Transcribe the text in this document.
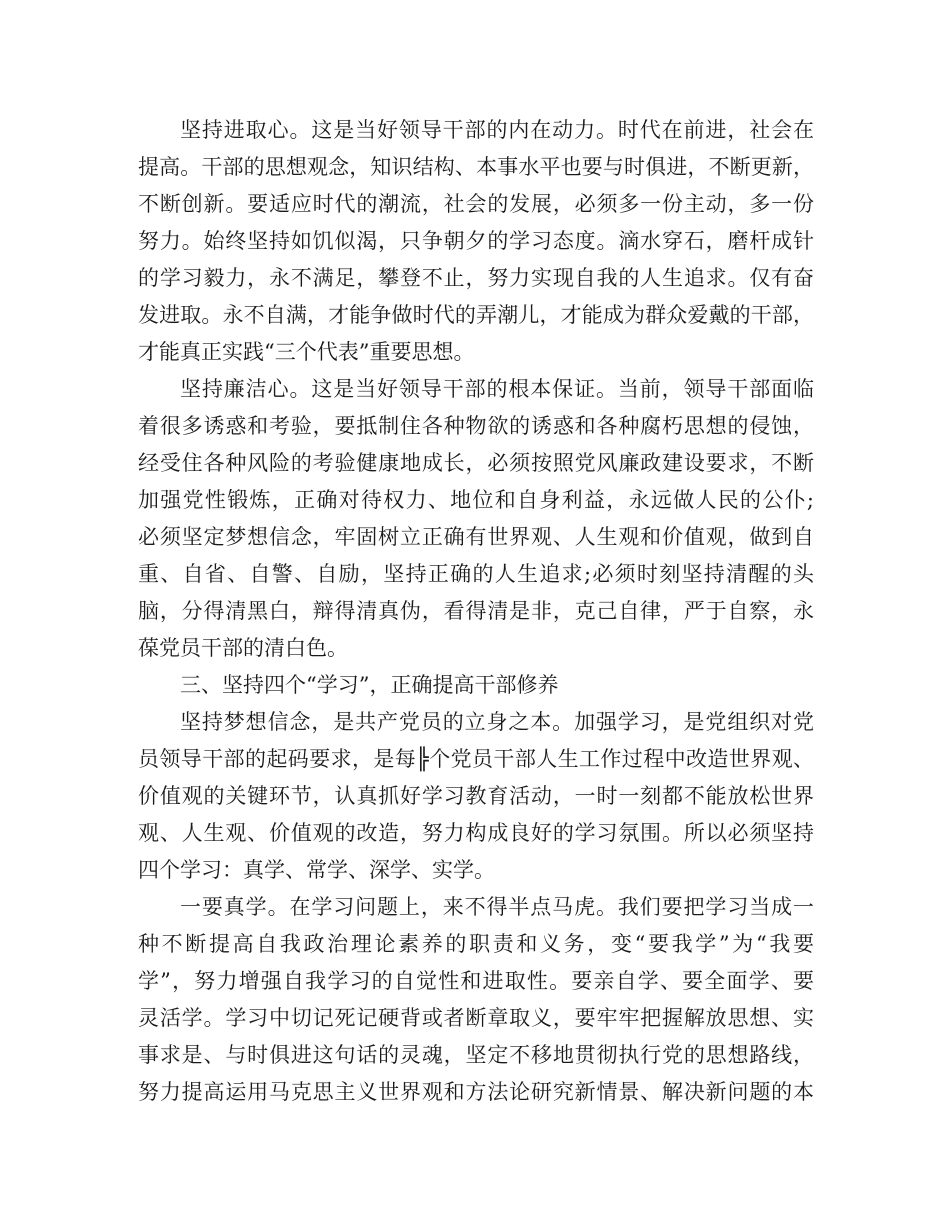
坚持进取心。这是当好领导干部的内在动力。时代在前进，社会在
提高。干部的思想观念，知识结构、本事水平也要与时俱进，不断更新，
不断创新。要适应时代的潮流，社会的发展，必须多一份主动，多一份
努力。始终坚持如饥似渴，只争朝夕的学习态度。滴水穿石，磨杆成针
的学习毅力，永不满足，攀登不止，努力实现自我的人生追求。仅有奋
发进取。永不自满，才能争做时代的弄潮儿，才能成为群众爱戴的干部，
才能真正实践“三个代表”重要思想。
坚持廉洁心。这是当好领导干部的根本保证。当前，领导干部面临
着很多诱惑和考验，要抵制住各种物欲的诱惑和各种腐朽思想的侵蚀，
经受住各种风险的考验健康地成长，必须按照党风廉政建设要求，不断
加强党性锻炼，正确对待权力、地位和自身利益，永远做人民的公仆;
必须坚定梦想信念，牢固树立正确有世界观、人生观和价值观，做到自
重、自省、自警、自励，坚持正确的人生追求;必须时刻坚持清醒的头
脑，分得清黑白，辩得清真伪，看得清是非，克己自律，严于自察，永
葆党员干部的清白色。
三、坚持四个“学习”，正确提高干部修养
坚持梦想信念，是共产党员的立身之本。加强学习，是党组织对党
员领导干部的起码要求，是每╠个党员干部人生工作过程中改造世界观、
价值观的关键环节，认真抓好学习教育活动，一时一刻都不能放松世界
观、人生观、价值观的改造，努力构成良好的学习氛围。所以必须坚持
四个学习：真学、常学、深学、实学。
一要真学。在学习问题上，来不得半点马虎。我们要把学习当成一
种不断提高自我政治理论素养的职责和义务，变“要我学”为“我要
学”，努力增强自我学习的自觉性和进取性。要亲自学、要全面学、要
灵活学。学习中切记死记硬背或者断章取义，要牢牢把握解放思想、实
事求是、与时俱进这句话的灵魂，坚定不移地贯彻执行党的思想路线，
努力提高运用马克思主义世界观和方法论研究新情景、解决新问题的本
